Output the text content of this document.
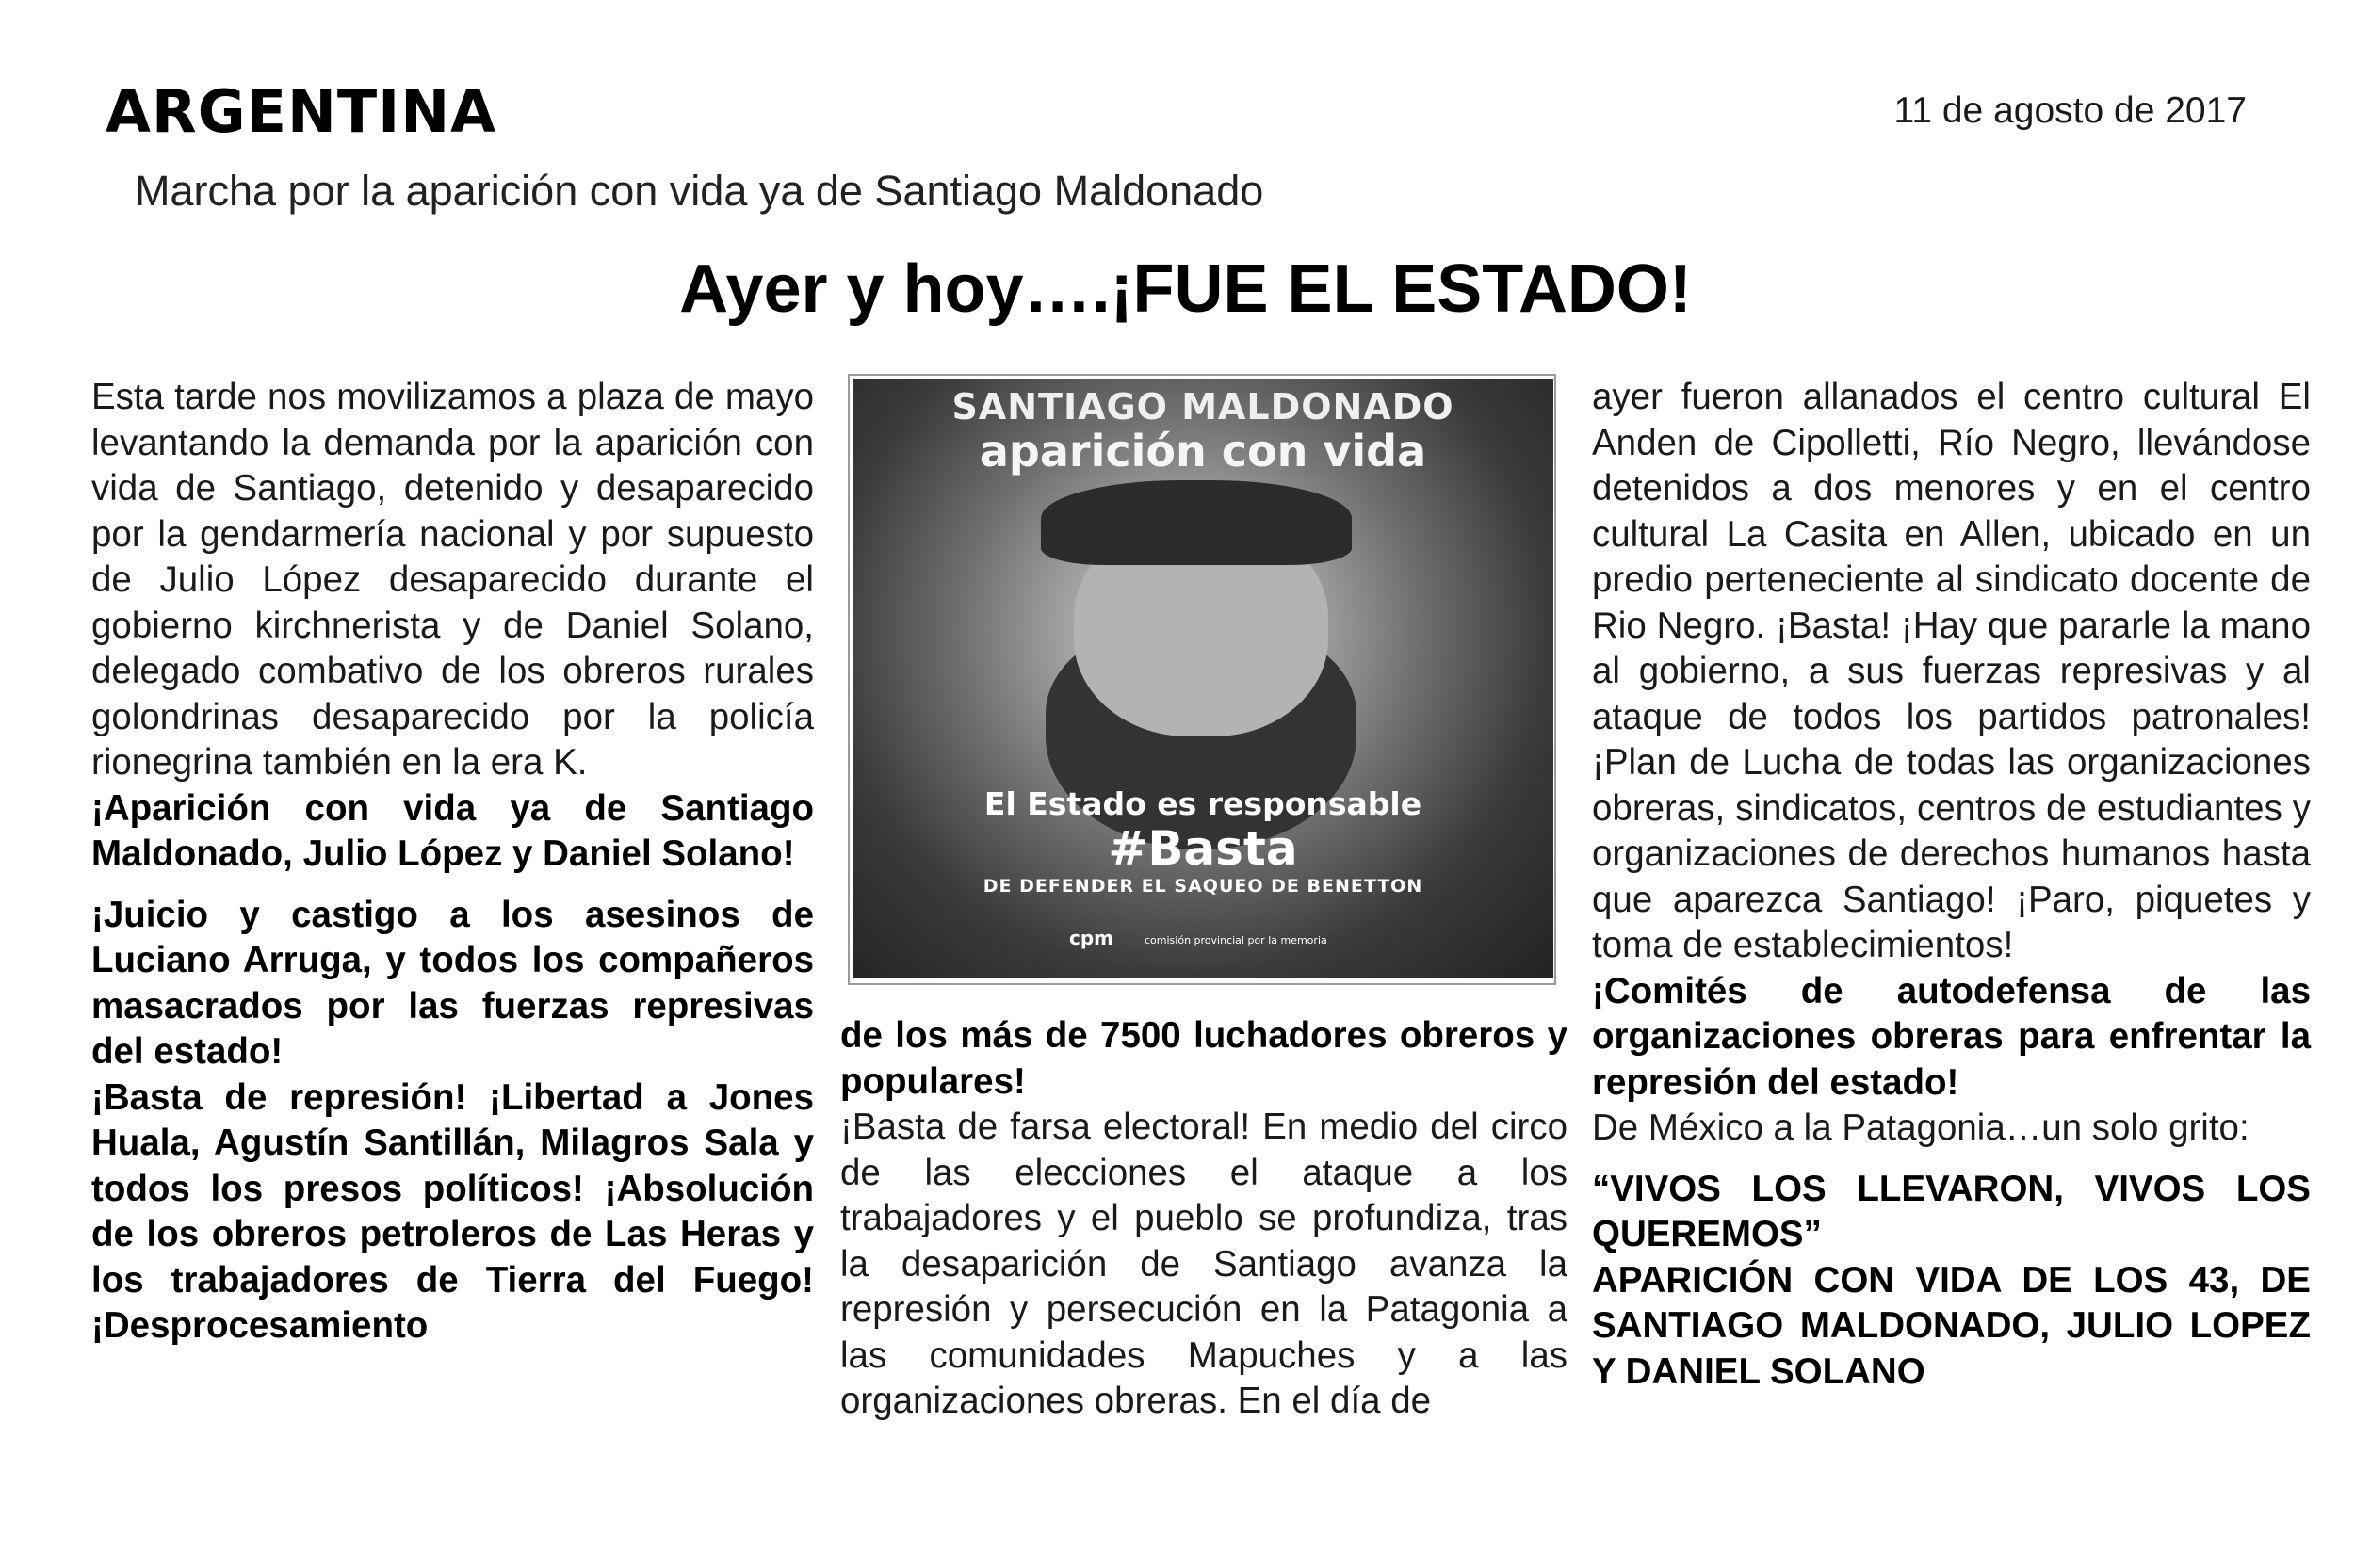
ARGENTINA	11 de agosto de 2017
Marcha por la aparición con vida ya de Santiago Maldonado
Ayer y hoy….¡FUE EL ESTADO!

Esta tarde nos movilizamos a plaza de mayo levantando la demanda por la aparición con vida de Santiago, detenido y desaparecido por la gendarmería nacional y por supuesto de Julio López desaparecido durante el gobierno kirchnerista y de Daniel Solano, delegado combativo de los obreros rurales golondrinas desaparecido por la policía rionegrina también en la era K.

¡Aparición con vida ya de Santiago Maldonado, Julio López y Daniel Solano!

¡Juicio y castigo a los asesinos de Luciano Arruga, y todos los compañeros masacrados por las fuerzas represivas del estado!

¡Basta de represión! ¡Libertad a Jones Huala, Agustín Santillán, Milagros Sala y todos los presos políticos! ¡Absolución de los obreros petroleros de Las Heras y los trabajadores de Tierra del Fuego! ¡Desprocesamiento

SANTIAGO MALDONADO
aparición con vida
El Estado es responsable
#Basta
DE DEFENDER EL SAQUEO DE BENETTON
cpm	comisión provincial por la memoria

de los más de 7500 luchadores obreros y populares!

¡Basta de farsa electoral! En medio del circo de las elecciones el ataque a los trabajadores y el pueblo se profundiza, tras la desaparición de Santiago avanza la represión y persecución en la Patagonia a las comunidades Mapuches y a las organizaciones obreras. En el día de

ayer fueron allanados el centro cultural El Anden de Cipolletti, Río Negro, llevándose detenidos a dos menores y en el centro cultural La Casita en Allen, ubicado en un predio perteneciente al sindicato docente de Rio Negro. ¡Basta! ¡Hay que pararle la mano al gobierno, a sus fuerzas represivas y al ataque de todos los partidos patronales! ¡Plan de Lucha de todas las organizaciones obreras, sindicatos, centros de estudiantes y organizaciones de derechos humanos hasta que aparezca Santiago! ¡Paro, piquetes y toma de establecimientos!

¡Comités de autodefensa de las organizaciones obreras para enfrentar la represión del estado!

De México a la Patagonia…un solo grito:

“VIVOS LOS LLEVARON, VIVOS LOS QUEREMOS”

APARICIÓN CON VIDA DE LOS 43, DE SANTIAGO MALDONADO, JULIO LOPEZ Y DANIEL SOLANO
